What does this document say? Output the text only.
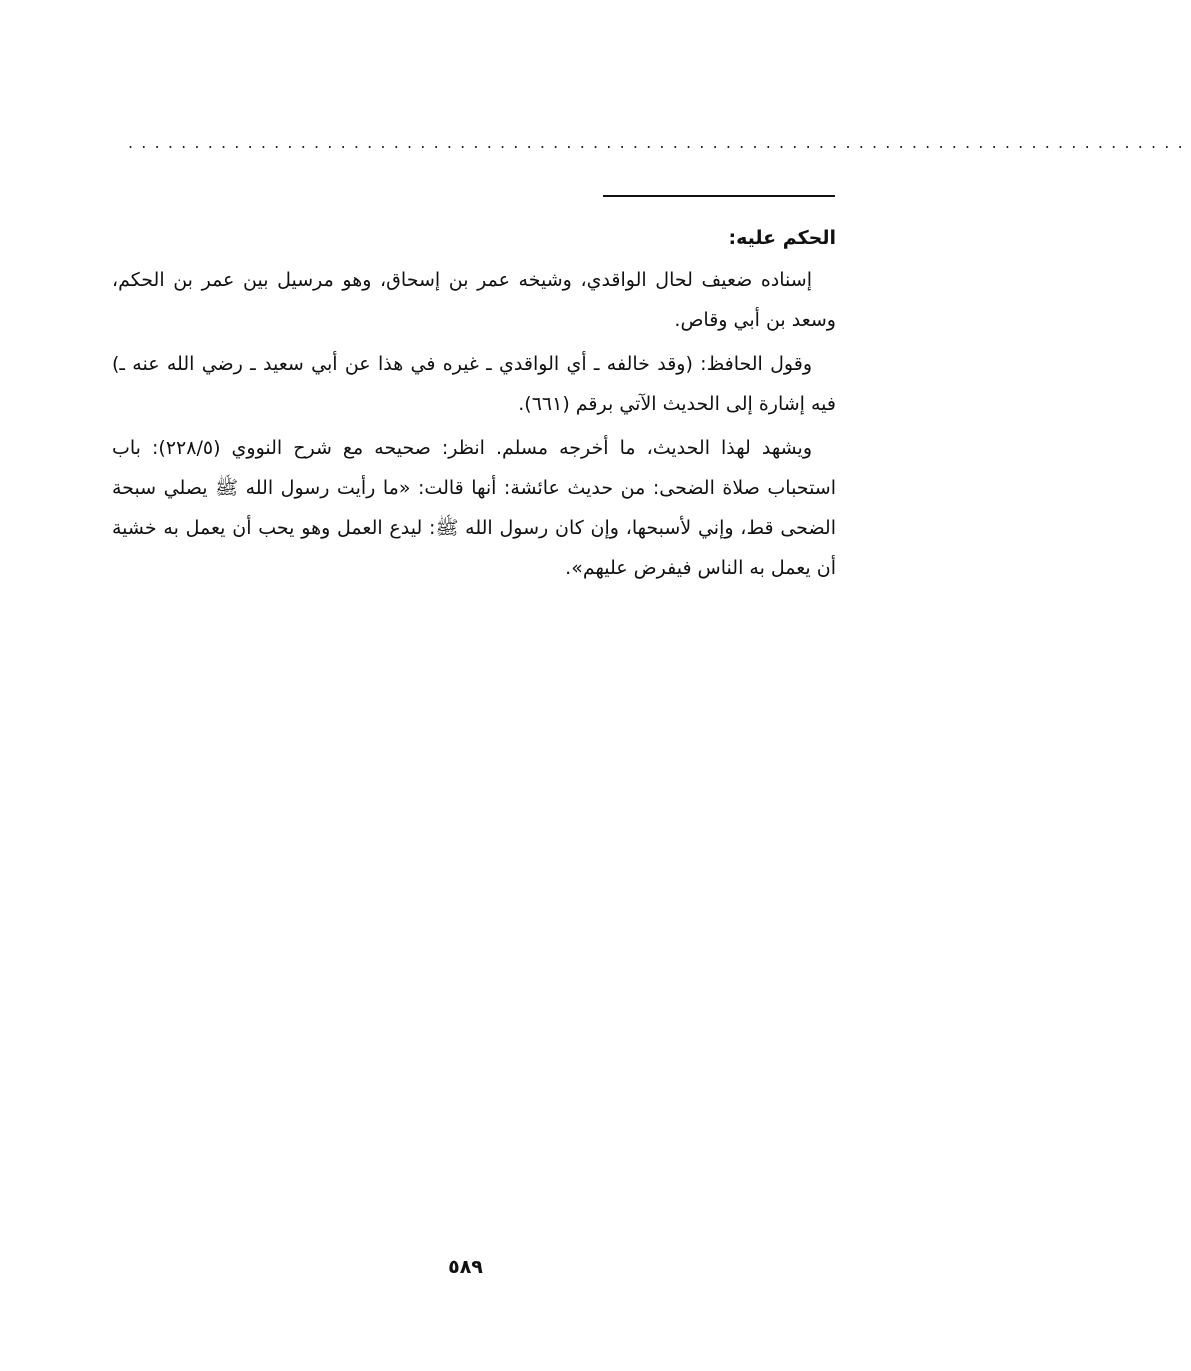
................................................................................
الحكم عليه:

إسناده ضعيف لحال الواقدي، وشيخه عمر بن إسحاق، وهو مرسيل بين عمر بن الحكم، وسعد بن أبي وقاص.

وقول الحافظ: (وقد خالفه ـ أي الواقدي ـ غيره في هذا عن أبي سعيد ـ رضي الله عنه ـ) فيه إشارة إلى الحديث الآتي برقم (٦٦١).

ويشهد لهذا الحديث، ما أخرجه مسلم. انظر: صحيحه مع شرح النووي (٢٢٨/٥): باب استحباب صلاة الضحى: من حديث عائشة: أنها قالت: «ما رأيت رسول الله ﷺ يصلي سبحة الضحى قط، وإني لأسبحها، وإن كان رسول الله ﷺ: ليدع العمل وهو يحب أن يعمل به خشية أن يعمل به الناس فيفرض عليهم».

٥٨٩
